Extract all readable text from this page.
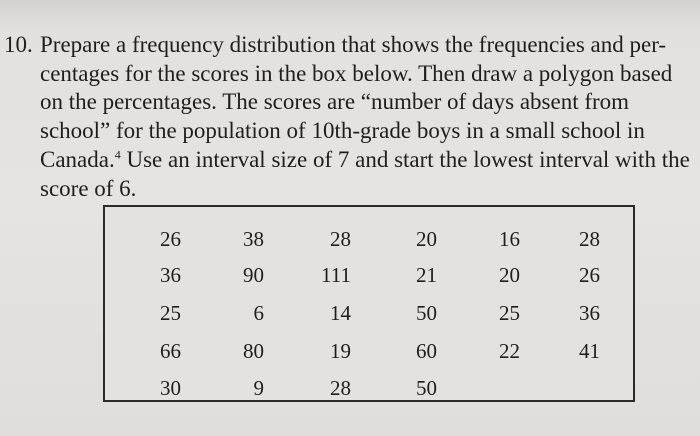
10. Prepare a frequency distribution that shows the frequencies and per-
centages for the scores in the box below. Then draw a polygon based
on the percentages. The scores are “number of days absent from
school” for the population of 10th-grade boys in a small school in
Canada.$^4$ Use an interval size of 7 and start the lowest interval with the
score of 6.
26
36
25
66
30
38
90
6
80
9
28
111
14
19
28
20
21
50
60
50
16
20
25
22
28
26
36
41
